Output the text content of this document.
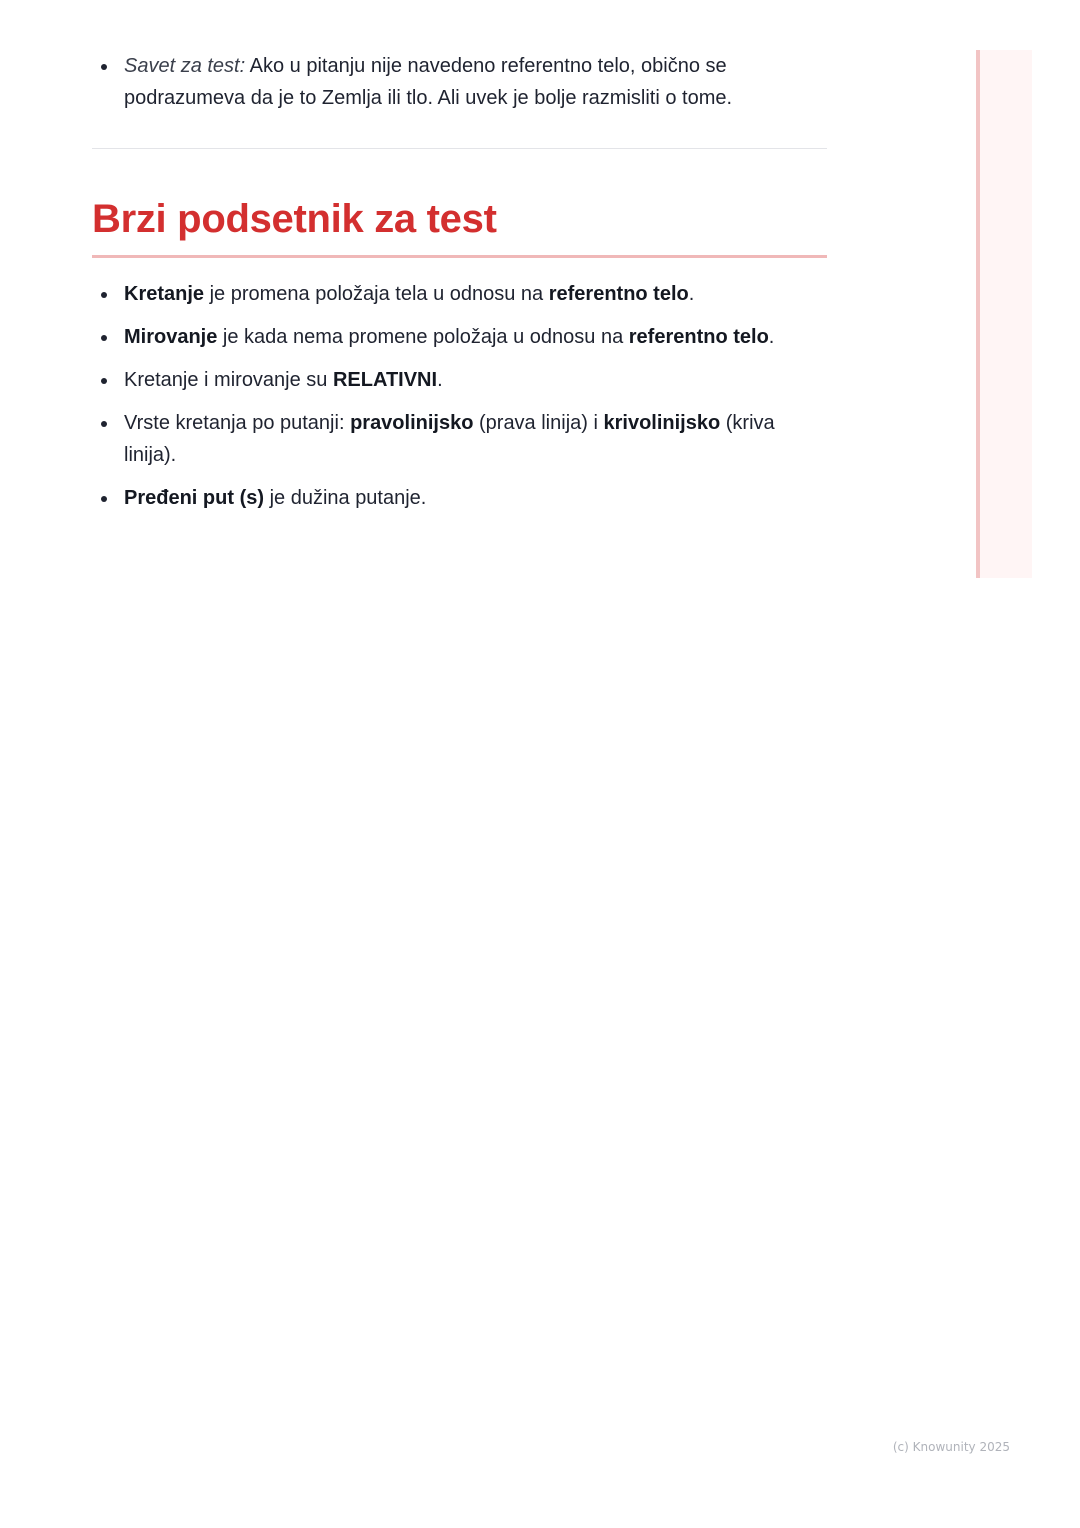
Savet za test: Ako u pitanju nije navedeno referentno telo, obično se podrazumeva da je to Zemlja ili tlo. Ali uvek je bolje razmisliti o tome.
Brzi podsetnik za test
Kretanje je promena položaja tela u odnosu na referentno telo.
Mirovanje je kada nema promene položaja u odnosu na referentno telo.
Kretanje i mirovanje su RELATIVNI.
Vrste kretanja po putanji: pravolinijsko (prava linija) i krivolinijsko (kriva linija).
Pređeni put (s) je dužina putanje.
(c) Knowunity 2025
